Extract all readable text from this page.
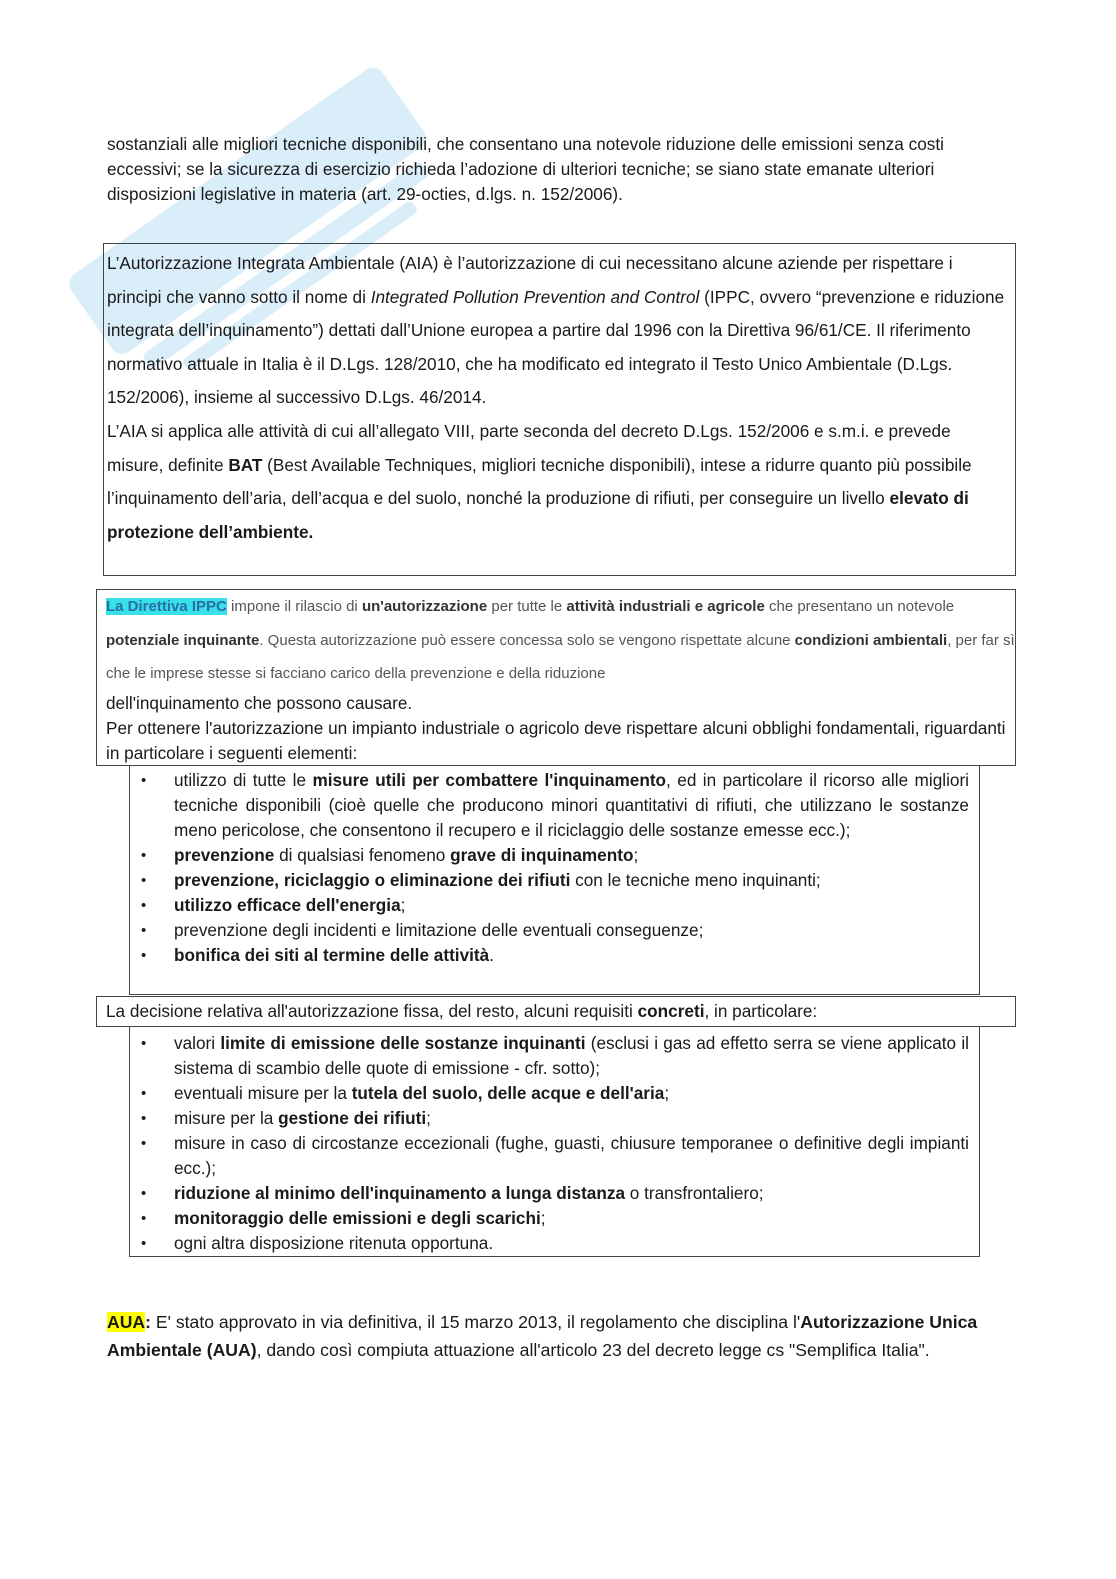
sostanziali alle migliori tecniche disponibili, che consentano una notevole riduzione delle emissioni senza costi eccessivi; se la sicurezza di esercizio richieda l’adozione di ulteriori tecniche; se siano state emanate ulteriori disposizioni legislative in materia (art. 29-octies, d.lgs. n. 152/2006).

L’Autorizzazione Integrata Ambientale (AIA) è l’autorizzazione di cui necessitano alcune aziende per rispettare i principi che vanno sotto il nome di Integrated Pollution Prevention and Control (IPPC, ovvero “prevenzione e riduzione integrata dell’inquinamento”) dettati dall’Unione europea a partire dal 1996 con la Direttiva 96/61/CE. Il riferimento normativo attuale in Italia è il D.Lgs. 128/2010, che ha modificato ed integrato il Testo Unico Ambientale (D.Lgs. 152/2006), insieme al successivo D.Lgs. 46/2014.

L’AIA si applica alle attività di cui all’allegato VIII, parte seconda del decreto D.Lgs. 152/2006 e s.m.i. e prevede misure, definite BAT (Best Available Techniques, migliori tecniche disponibili), intese a ridurre quanto più possibile l’inquinamento dell’aria, dell’acqua e del suolo, nonché la produzione di rifiuti, per conseguire un livello elevato di protezione dell’ambiente.

La Direttiva IPPC impone il rilascio di un'autorizzazione per tutte le attività industriali e agricole che presentano un notevole potenziale inquinante. Questa autorizzazione può essere concessa solo se vengono rispettate alcune condizioni ambientali, per far sì che le imprese stesse si facciano carico della prevenzione e della riduzione

dell'inquinamento che possono causare.

Per ottenere l'autorizzazione un impianto industriale o agricolo deve rispettare alcuni obblighi fondamentali, riguardanti in particolare i seguenti elementi:

• utilizzo di tutte le misure utili per combattere l'inquinamento, ed in particolare il ricorso alle migliori tecniche disponibili (cioè quelle che producono minori quantitativi di rifiuti, che utilizzano le sostanze meno pericolose, che consentono il recupero e il riciclaggio delle sostanze emesse ecc.);
• prevenzione di qualsiasi fenomeno grave di inquinamento;
• prevenzione, riciclaggio o eliminazione dei rifiuti con le tecniche meno inquinanti;
• utilizzo efficace dell'energia;
• prevenzione degli incidenti e limitazione delle eventuali conseguenze;
• bonifica dei siti al termine delle attività.

La decisione relativa all'autorizzazione fissa, del resto, alcuni requisiti concreti, in particolare:

• valori limite di emissione delle sostanze inquinanti (esclusi i gas ad effetto serra se viene applicato il sistema di scambio delle quote di emissione - cfr. sotto);
• eventuali misure per la tutela del suolo, delle acque e dell'aria;
• misure per la gestione dei rifiuti;
• misure in caso di circostanze eccezionali (fughe, guasti, chiusure temporanee o definitive degli impianti ecc.);
• riduzione al minimo dell'inquinamento a lunga distanza o transfrontaliero;
• monitoraggio delle emissioni e degli scarichi;
• ogni altra disposizione ritenuta opportuna.

AUA: E' stato approvato in via definitiva, il 15 marzo 2013, il regolamento che disciplina l'Autorizzazione Unica Ambientale (AUA), dando così compiuta attuazione all'articolo 23 del decreto legge cs "Semplifica Italia".
